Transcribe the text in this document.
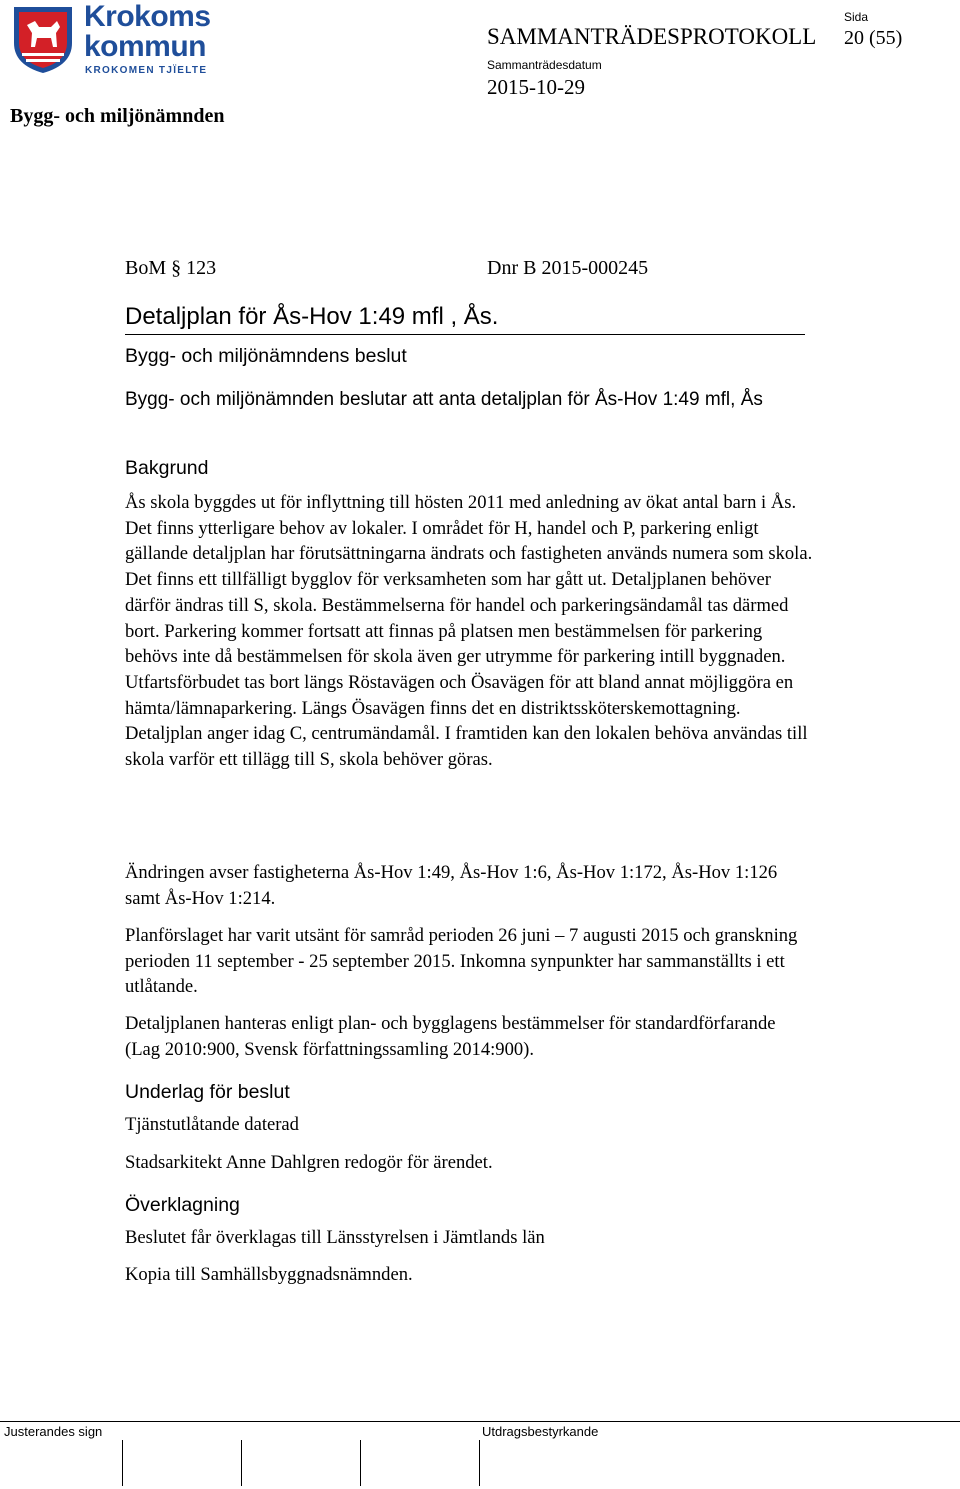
Krokoms
kommun
KROKOMEN TJÏELTE
Bygg- och miljönämnden
SAMMANTRÄDESPROTOKOLL
Sida
20 (55)
Sammanträdesdatum
2015-10-29
BoM § 123	Dnr B 2015-000245
Detaljplan för Ås-Hov 1:49 mfl , Ås.
Bygg- och miljönämndens beslut
Bygg- och miljönämnden beslutar att anta detaljplan för Ås-Hov 1:49 mfl, Ås
Bakgrund
Ås skola byggdes ut för inflyttning till hösten 2011 med anledning av ökat antal barn i Ås. Det finns ytterligare behov av lokaler. I området för H, handel och P, parkering enligt gällande detaljplan har förutsättningarna ändrats och fastigheten används numera som skola. Det finns ett tillfälligt bygglov för verksamheten som har gått ut. Detaljplanen behöver därför ändras till S, skola. Bestämmelserna för handel och parkeringsändamål tas därmed bort. Parkering kommer fortsatt att finnas på platsen men bestämmelsen för parkering behövs inte då bestämmelsen för skola även ger utrymme för parkering intill byggnaden. Utfartsförbudet tas bort längs Röstavägen och Ösavägen för att bland annat möjliggöra en hämta/lämnaparkering. Längs Ösavägen finns det en distriktssköterskemottagning. Detaljplan anger idag C, centrumändamål. I framtiden kan den lokalen behöva användas till skola varför ett tillägg till S, skola behöver göras.
Ändringen avser fastigheterna Ås-Hov 1:49, Ås-Hov 1:6, Ås-Hov 1:172, Ås-Hov 1:126 samt Ås-Hov 1:214.
Planförslaget har varit utsänt för samråd perioden 26 juni – 7 augusti 2015 och granskning perioden 11 september - 25 september 2015. Inkomna synpunkter har sammanställts i ett utlåtande.
Detaljplanen hanteras enligt plan- och bygglagens bestämmelser för standardförfarande (Lag 2010:900, Svensk författningssamling 2014:900).
Underlag för beslut
Tjänstutlåtande daterad
Stadsarkitekt Anne Dahlgren redogör för ärendet.
Överklagning
Beslutet får överklagas till Länsstyrelsen i Jämtlands län
Kopia till Samhällsbyggnadsnämnden.
Justerandes sign	Utdragsbestyrkande
